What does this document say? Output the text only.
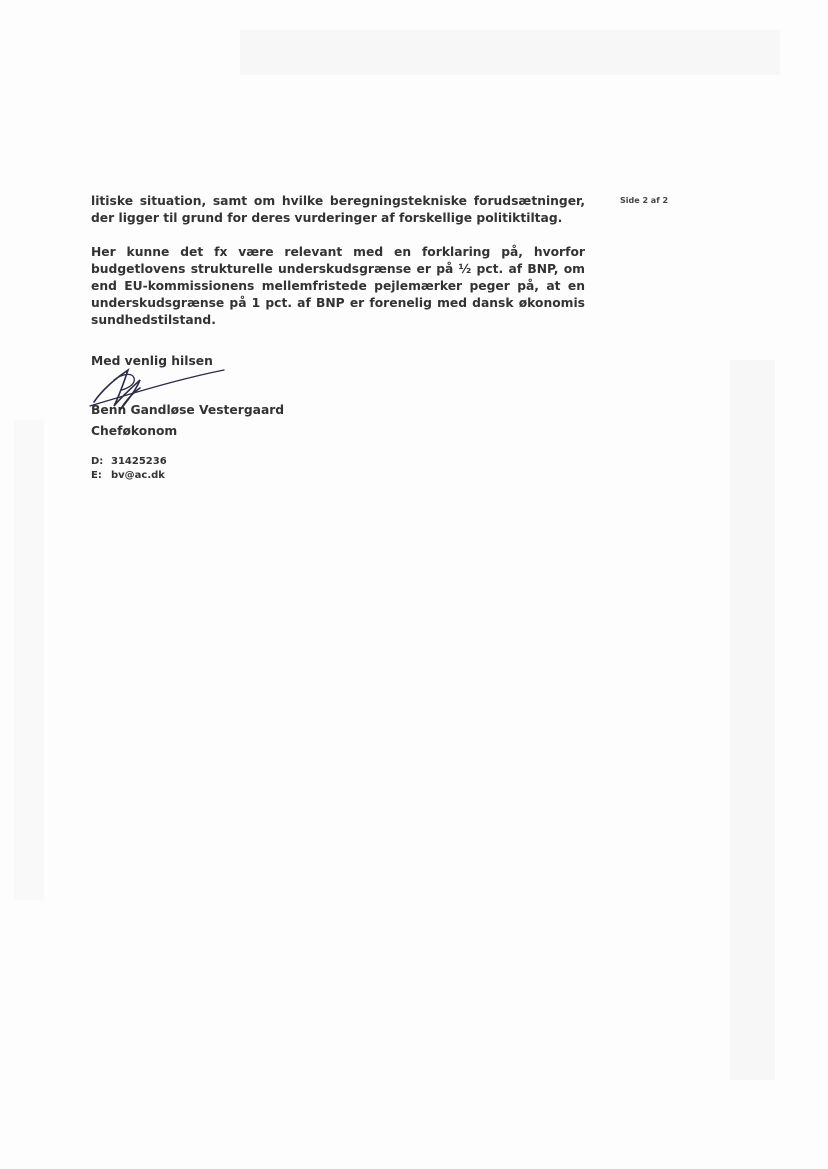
Side 2 af 2

litiske situation, samt om hvilke beregningstekniske forudsætninger, der ligger til grund for deres vurderinger af forskellige politiktiltag.

Her kunne det fx være relevant med en forklaring på, hvorfor budgetlovens strukturelle underskudsgrænse er på ½ pct. af BNP, om end EU-kommissionens mellemfristede pejlemærker peger på, at en underskudsgrænse på 1 pct. af BNP er forenelig med dansk økonomis sundhedstilstand.

Med venlig hilsen
Benn Gandløse Vestergaard
Cheføkonom
D: 31425236
E: bv@ac.dk
